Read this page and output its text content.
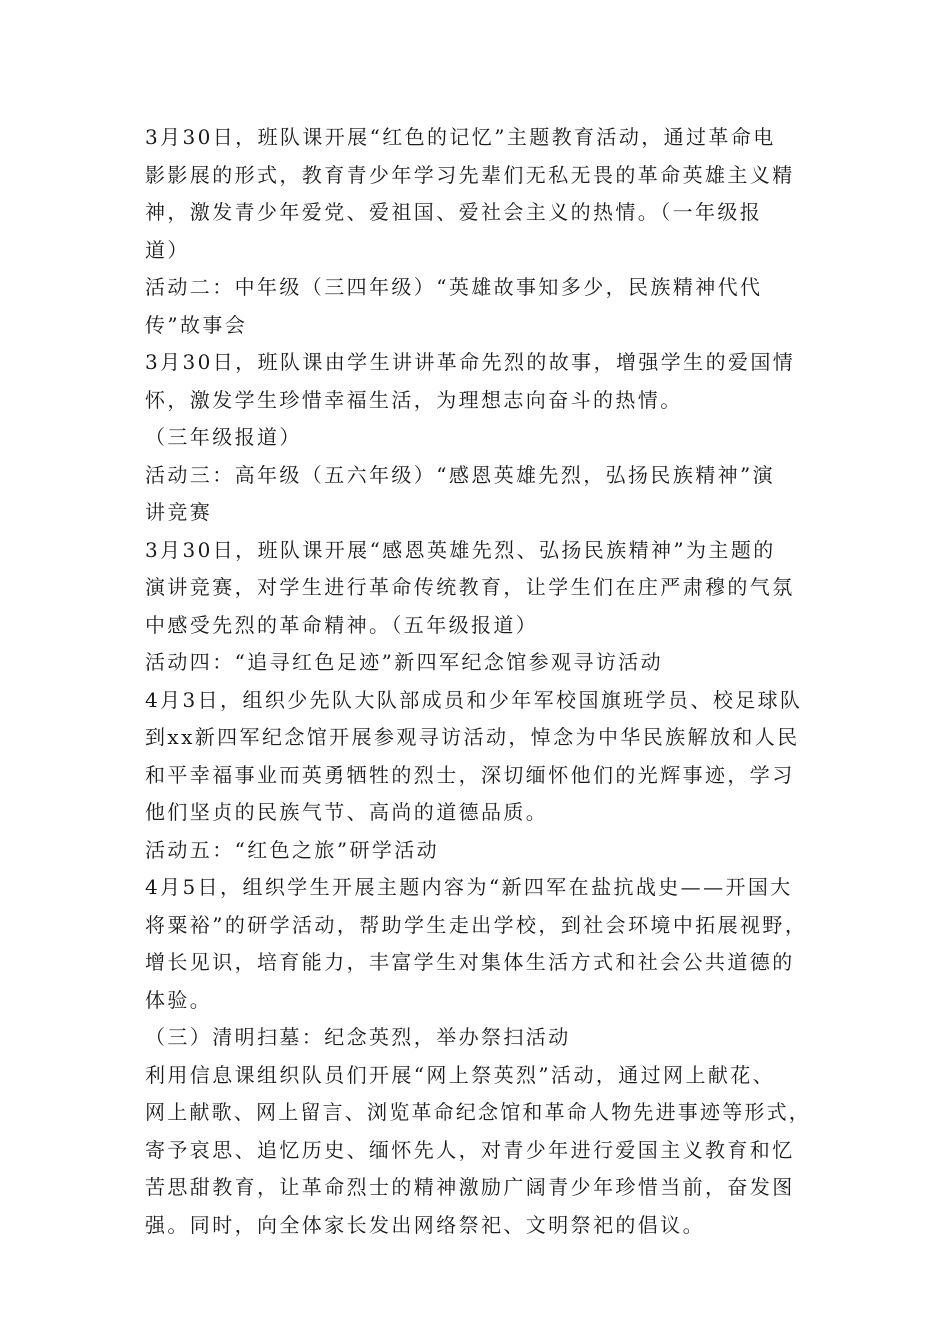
3月30日，班队课开展“红色的记忆”主题教育活动，通过革命电
影影展的形式，教育青少年学习先辈们无私无畏的革命英雄主义精
神，激发青少年爱党、爱祖国、爱社会主义的热情。（一年级报
道）
活动二：中年级（三四年级）“英雄故事知多少，民族精神代代
传”故事会
3月30日，班队课由学生讲讲革命先烈的故事，增强学生的爱国情
怀，激发学生珍惜幸福生活，为理想志向奋斗的热情。
（三年级报道）
活动三：高年级（五六年级）“感恩英雄先烈，弘扬民族精神”演
讲竞赛
3月30日，班队课开展“感恩英雄先烈、弘扬民族精神”为主题的
演讲竞赛，对学生进行革命传统教育，让学生们在庄严肃穆的气氛
中感受先烈的革命精神。（五年级报道）
活动四：“追寻红色足迹”新四军纪念馆参观寻访活动
4月3日，组织少先队大队部成员和少年军校国旗班学员、校足球队
到xx新四军纪念馆开展参观寻访活动，悼念为中华民族解放和人民
和平幸福事业而英勇牺牲的烈士，深切缅怀他们的光辉事迹，学习
他们坚贞的民族气节、高尚的道德品质。
活动五：“红色之旅”研学活动
4月5日，组织学生开展主题内容为“新四军在盐抗战史——开国大
将粟裕”的研学活动，帮助学生走出学校，到社会环境中拓展视野，
增长见识，培育能力，丰富学生对集体生活方式和社会公共道德的
体验。
（三）清明扫墓：纪念英烈，举办祭扫活动
利用信息课组织队员们开展“网上祭英烈”活动，通过网上献花、
网上献歌、网上留言、浏览革命纪念馆和革命人物先进事迹等形式，
寄予哀思、追忆历史、缅怀先人，对青少年进行爱国主义教育和忆
苦思甜教育，让革命烈士的精神激励广阔青少年珍惜当前，奋发图
强。同时，向全体家长发出网络祭祀、文明祭祀的倡议。
